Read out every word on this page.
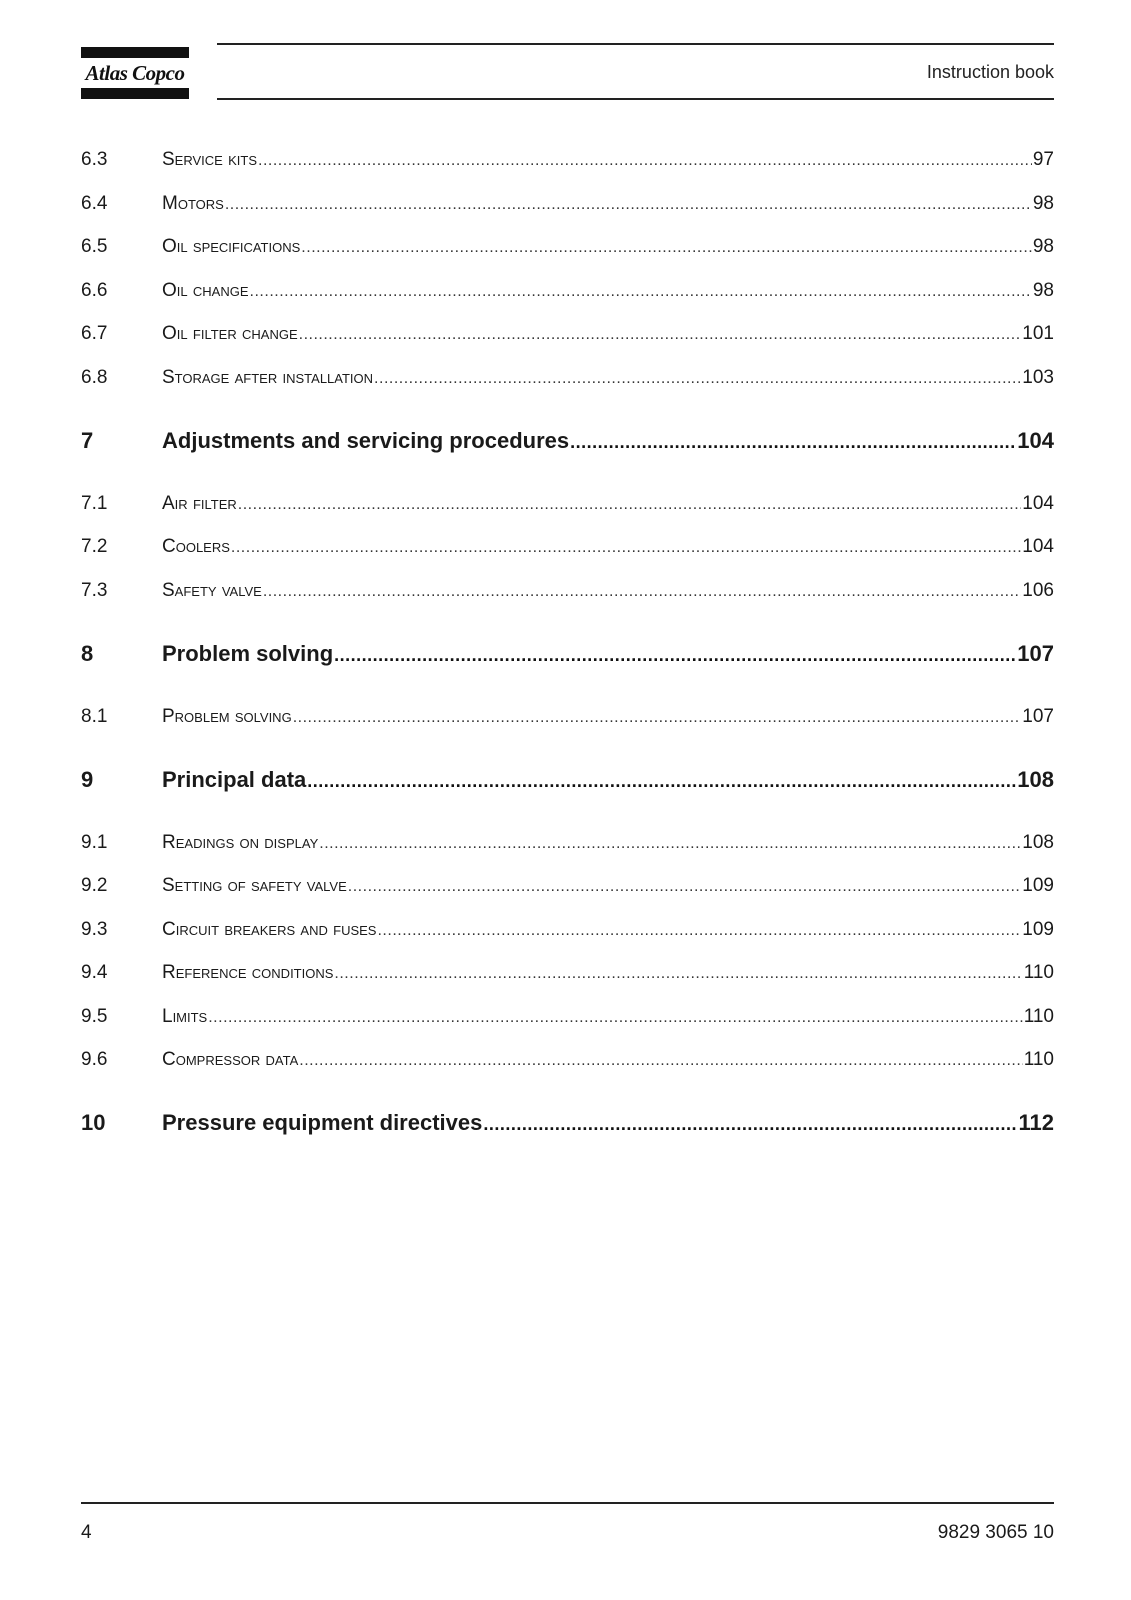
Atlas Copco	Instruction book
6.3	Service kits .....	97
6.4	Motors .....	98
6.5	Oil specifications .....	98
6.6	Oil change .....	98
6.7	Oil filter change .....	101
6.8	Storage after installation .....	103
7	Adjustments and servicing procedures .....	104
7.1	Air filter .....	104
7.2	Coolers .....	104
7.3	Safety valve .....	106
8	Problem solving .....	107
8.1	Problem solving .....	107
9	Principal data .....	108
9.1	Readings on display .....	108
9.2	Setting of safety valve .....	109
9.3	Circuit breakers and fuses .....	109
9.4	Reference conditions .....	110
9.5	Limits .....	110
9.6	Compressor data .....	110
10	Pressure equipment directives .....	112
4	9829 3065 10
